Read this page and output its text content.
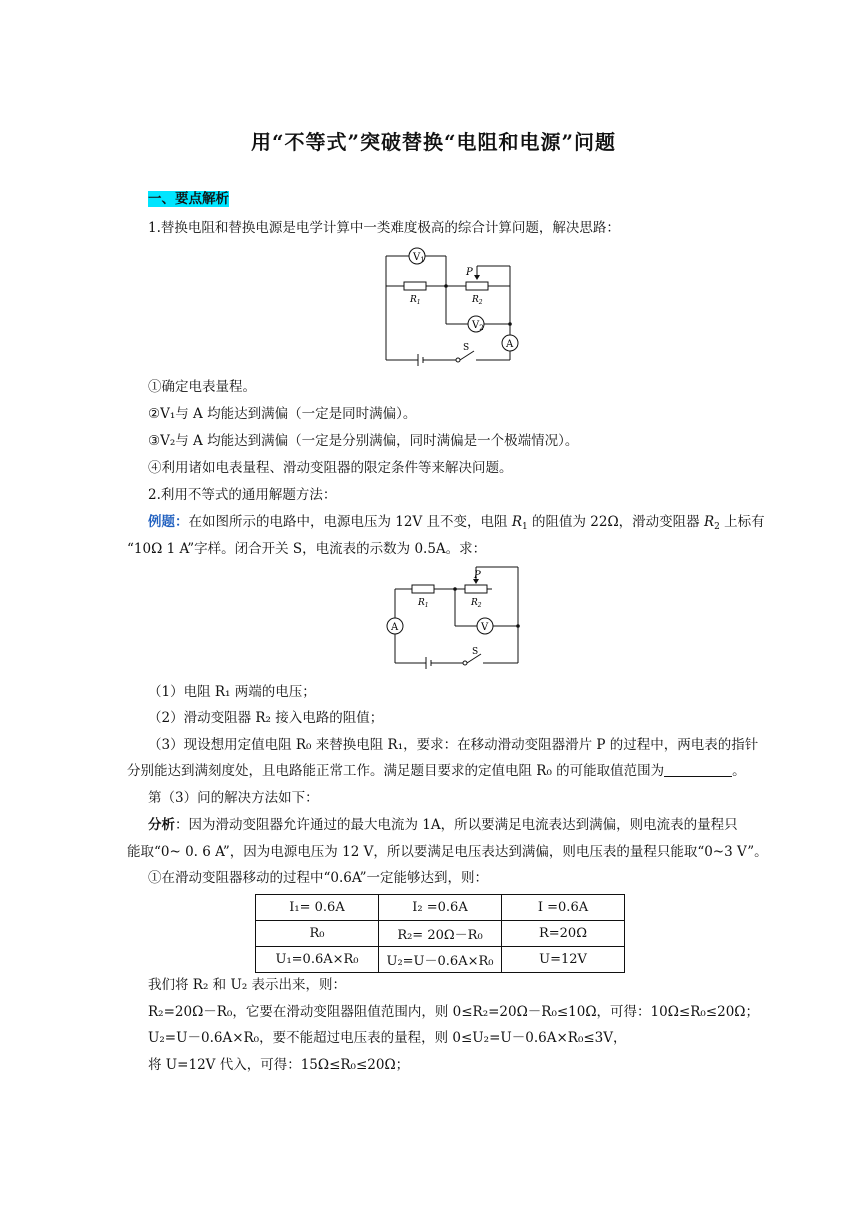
用“不等式”突破替换“电阻和电源”问题
一、要点解析
1.替换电阻和替换电源是电学计算中一类难度极高的综合计算问题，解决思路：
$V_1$
$V_2$
A
$R_1$	$R_2$
P
S
①确定电表量程。
②V₁与 A 均能达到满偏（一定是同时满偏）。
③V₂与 A 均能达到满偏（一定是分别满偏，同时满偏是一个极端情况）。
④利用诸如电表量程、滑动变阻器的限定条件等来解决问题。
2.利用不等式的通用解题方法：
例题：在如图所示的电路中，电源电压为 12V 且不变，电阻 $R_1$ 的阻值为 22Ω，滑动变阻器 $R_2$ 上标有
“10Ω 1 A”字样。闭合开关 S，电流表的示数为 0.5A。求：
A	V
$R_1$	$R_2$
P
S
（1）电阻 R₁ 两端的电压；
（2）滑动变阻器 R₂ 接入电路的阻值；
（3）现设想用定值电阻 R₀ 来替换电阻 R₁，要求：在移动滑动变阻器滑片 P 的过程中，两电表的指针
分别能达到满刻度处，且电路能正常工作。满足题目要求的定值电阻 R₀ 的可能取值范围为	。
第（3）问的解决方法如下：
分析：因为滑动变阻器允许通过的最大电流为 1A，所以要满足电流表达到满偏，则电流表的量程只
能取“0~ 0. 6 A”，因为电源电压为 12 V，所以要满足电压表达到满偏，则电压表的量程只能取“0~3 V”。
①在滑动变阻器移动的过程中“0.6A”一定能够达到，则：
I₁= 0.6A	I₂ =0.6A	I =0.6A
R₀	R₂= 20Ω－R₀	R=20Ω
U₁=0.6A×R₀	U₂=U－0.6A×R₀	U=12V
我们将 R₂ 和 U₂ 表示出来，则：
R₂=20Ω－R₀，它要在滑动变阻器阻值范围内，则 0≤R₂=20Ω－R₀≤10Ω，可得：10Ω≤R₀≤20Ω；
U₂=U－0.6A×R₀，要不能超过电压表的量程，则 0≤U₂=U－0.6A×R₀≤3V，
将 U=12V 代入，可得：15Ω≤R₀≤20Ω；
